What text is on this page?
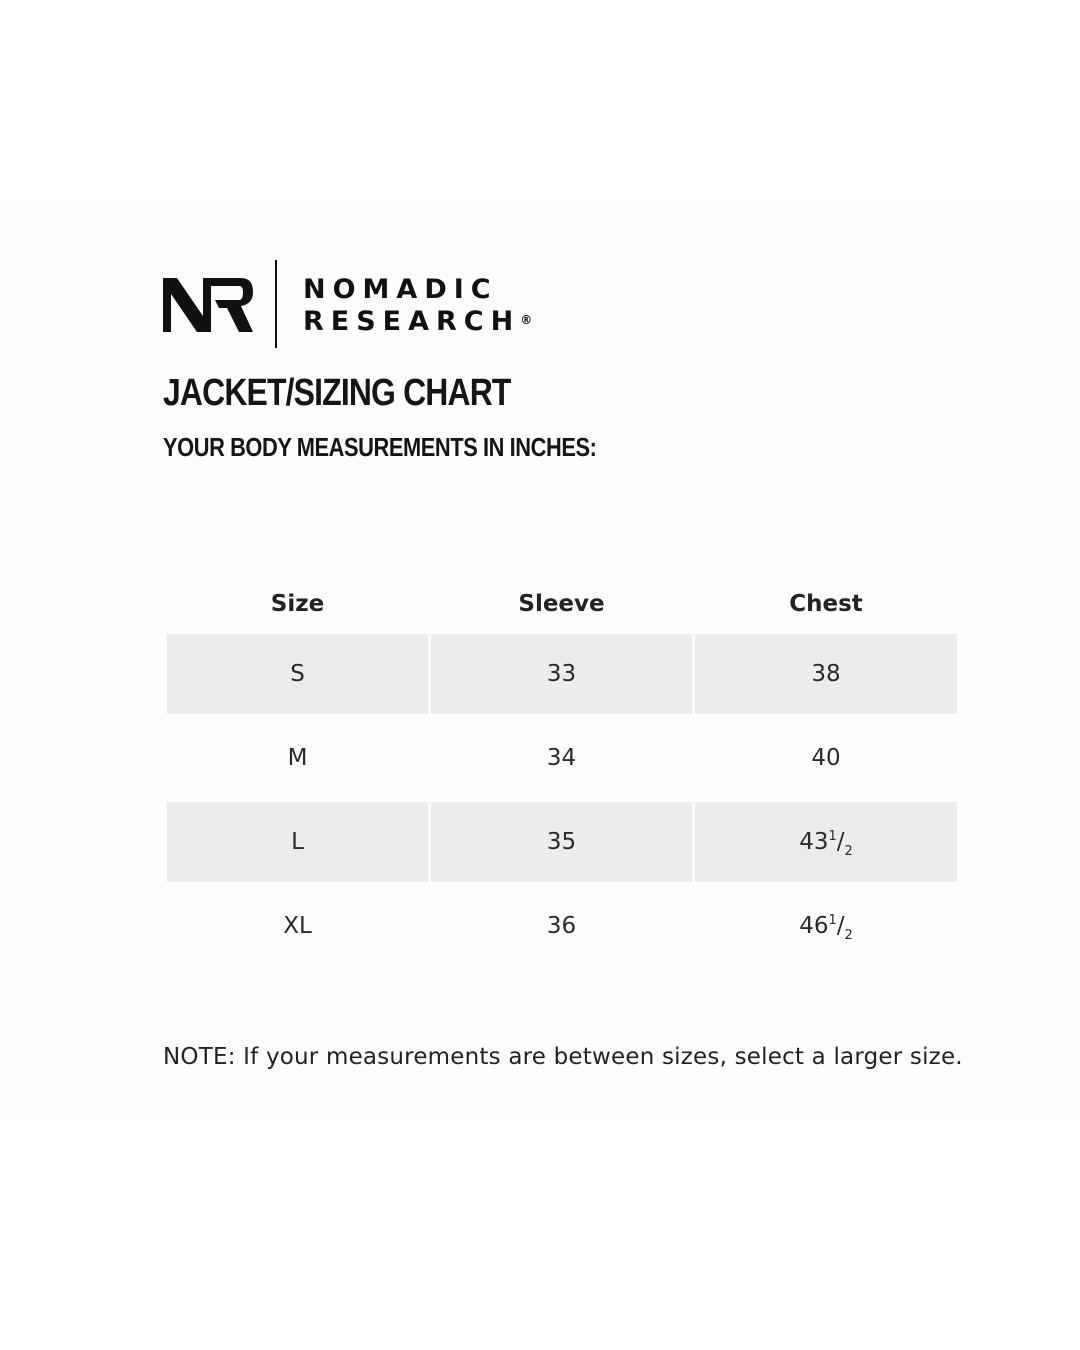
NOMADIC
RESEARCH®
JACKET/SIZING CHART
YOUR BODY MEASUREMENTS IN INCHES:
Size	Sleeve	Chest
S	33	38
M	34	40
L	35	$43^1/_2$
XL	36	$46^1/_2$
NOTE: If your measurements are between sizes, select a larger size.
